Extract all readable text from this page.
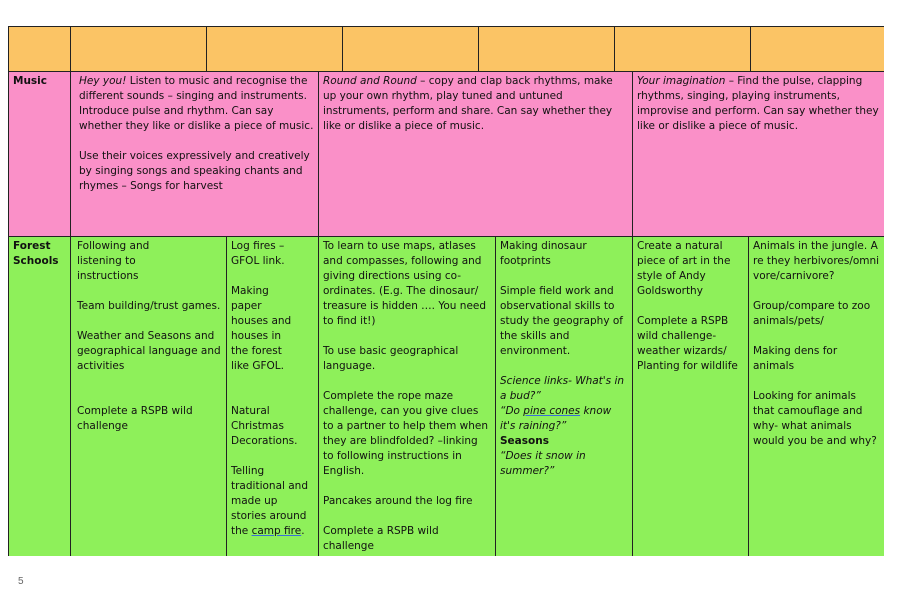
Music	Hey you! Listen to music and recognise the different sounds – singing and instruments. Introduce pulse and rhythm. Can say whether they like or dislike a piece of music.

Use their voices expressively and creatively by singing songs and speaking chants and rhymes – Songs for harvest

Round and Round – copy and clap back rhythms, make up your own rhythm, play tuned and untuned instruments, perform and share. Can say whether they like or dislike a piece of music.

Your imagination – Find the pulse, clapping rhythms, singing, playing instruments, improvise and perform. Can say whether they like or dislike a piece of music.

Forest Schools

Following and listening to instructions

Team building/trust games.

Weather and Seasons and geographical language and activities

Complete a RSPB wild challenge

Log fires – GFOL link.

Making paper houses and houses in the forest like GFOL.

Natural Christmas Decorations.

Telling traditional and made up stories around the camp fire.

To learn to use maps, atlases and compasses, following and giving directions using co-ordinates. (E.g. The dinosaur/ treasure is hidden …. You need to find it!)

To use basic geographical language.

Complete the rope maze challenge, can you give clues to a partner to help them when they are blindfolded? –linking to following instructions in English.

Pancakes around the log fire

Complete a RSPB wild challenge

Making dinosaur footprints

Simple field work and observational skills to study the geography of the skills and environment.

Science links- What's in a bud?”

“Do pine cones know it's raining?”

Seasons

“Does it snow in summer?”

Create a natural piece of art in the style of Andy Goldsworthy

Complete a RSPB wild challenge- weather wizards/ Planting for wildlife

Animals in the jungle. Are they herbivores/omnivore/carnivore?

Group/compare to zoo animals/pets/

Making dens for animals

Looking for animals that camouflage and why- what animals would you be and why?

5
